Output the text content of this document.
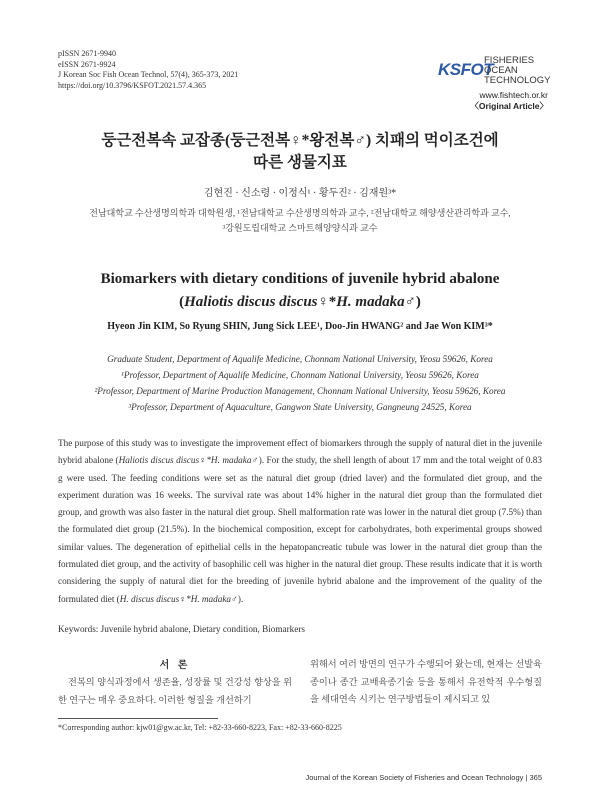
pISSN 2671-9940
eISSN 2671-9924
J Korean Soc Fish Ocean Technol, 57(4), 365-373, 2021
https://doi.org/10.3796/KSFOT.2021.57.4.365
KSFOT
FISHERIES OCEAN
TECHNOLOGY
www.fishtech.or.kr
〈Original Article〉
둥근전복속 교잡종(둥근전복♀*왕전복♂) 치패의 먹이조건에
따른 생물지표
김현진 · 신소령 · 이정식¹ · 황두진² · 김재원³*
전남대학교 수산생명의학과 대학원생, ¹전남대학교 수산생명의학과 교수, ²전남대학교 해양생산관리학과 교수,
³강원도립대학교 스마트해양양식과 교수
Biomarkers with dietary conditions of juvenile hybrid abalone
(Haliotis discus discus♀*H. madaka♂)
Hyeon Jin KIM, So Ryung SHIN, Jung Sick LEE¹, Doo-Jin HWANG² and Jae Won KIM³*
Graduate Student, Department of Aqualife Medicine, Chonnam National University, Yeosu 59626, Korea
¹Professor, Department of Aqualife Medicine, Chonnam National University, Yeosu 59626, Korea
²Professor, Department of Marine Production Management, Chonnam National University, Yeosu 59626, Korea
³Professor, Department of Aquaculture, Gangwon State University, Gangneung 24525, Korea

The purpose of this study was to investigate the improvement effect of biomarkers through the supply of natural diet in the juvenile hybrid abalone (Haliotis discus discus♀*H. madaka♂). For the study, the shell length of about 17 mm and the total weight of 0.83 g were used. The feeding conditions were set as the natural diet group (dried laver) and the formulated diet group, and the experiment duration was 16 weeks. The survival rate was about 14% higher in the natural diet group than the formulated diet group, and growth was also faster in the natural diet group. Shell malformation rate was lower in the natural diet group (7.5%) than the formulated diet group (21.5%). In the biochemical composition, except for carbohydrates, both experimental groups showed similar values. The degeneration of epithelial cells in the hepatopancreatic tubule was lower in the natural diet group than the formulated diet group, and the activity of basophilic cell was higher in the natural diet group. These results indicate that it is worth considering the supply of natural diet for the breeding of juvenile hybrid abalone and the improvement of the quality of the formulated diet (H. discus discus♀*H. madaka♂).

Keywords: Juvenile hybrid abalone, Dietary condition, Biomarkers
서 론

전복의 양식과정에서 생존율, 성장률 및 건강성 향상을 위한 연구는 매우 중요하다. 이러한 형질을 개선하기

위해서 여러 방면의 연구가 수행되어 왔는데, 현재는 선발육종이나 종간 교배육종기술 등을 통해서 유전학적 우수형질을 세대연속 시키는 연구방법들이 제시되고 있

*Corresponding author: kjw01@gw.ac.kr, Tel: +82-33-660-8223, Fax: +82-33-660-8225
Journal of the Korean Society of Fisheries and Ocean Technology | 365
